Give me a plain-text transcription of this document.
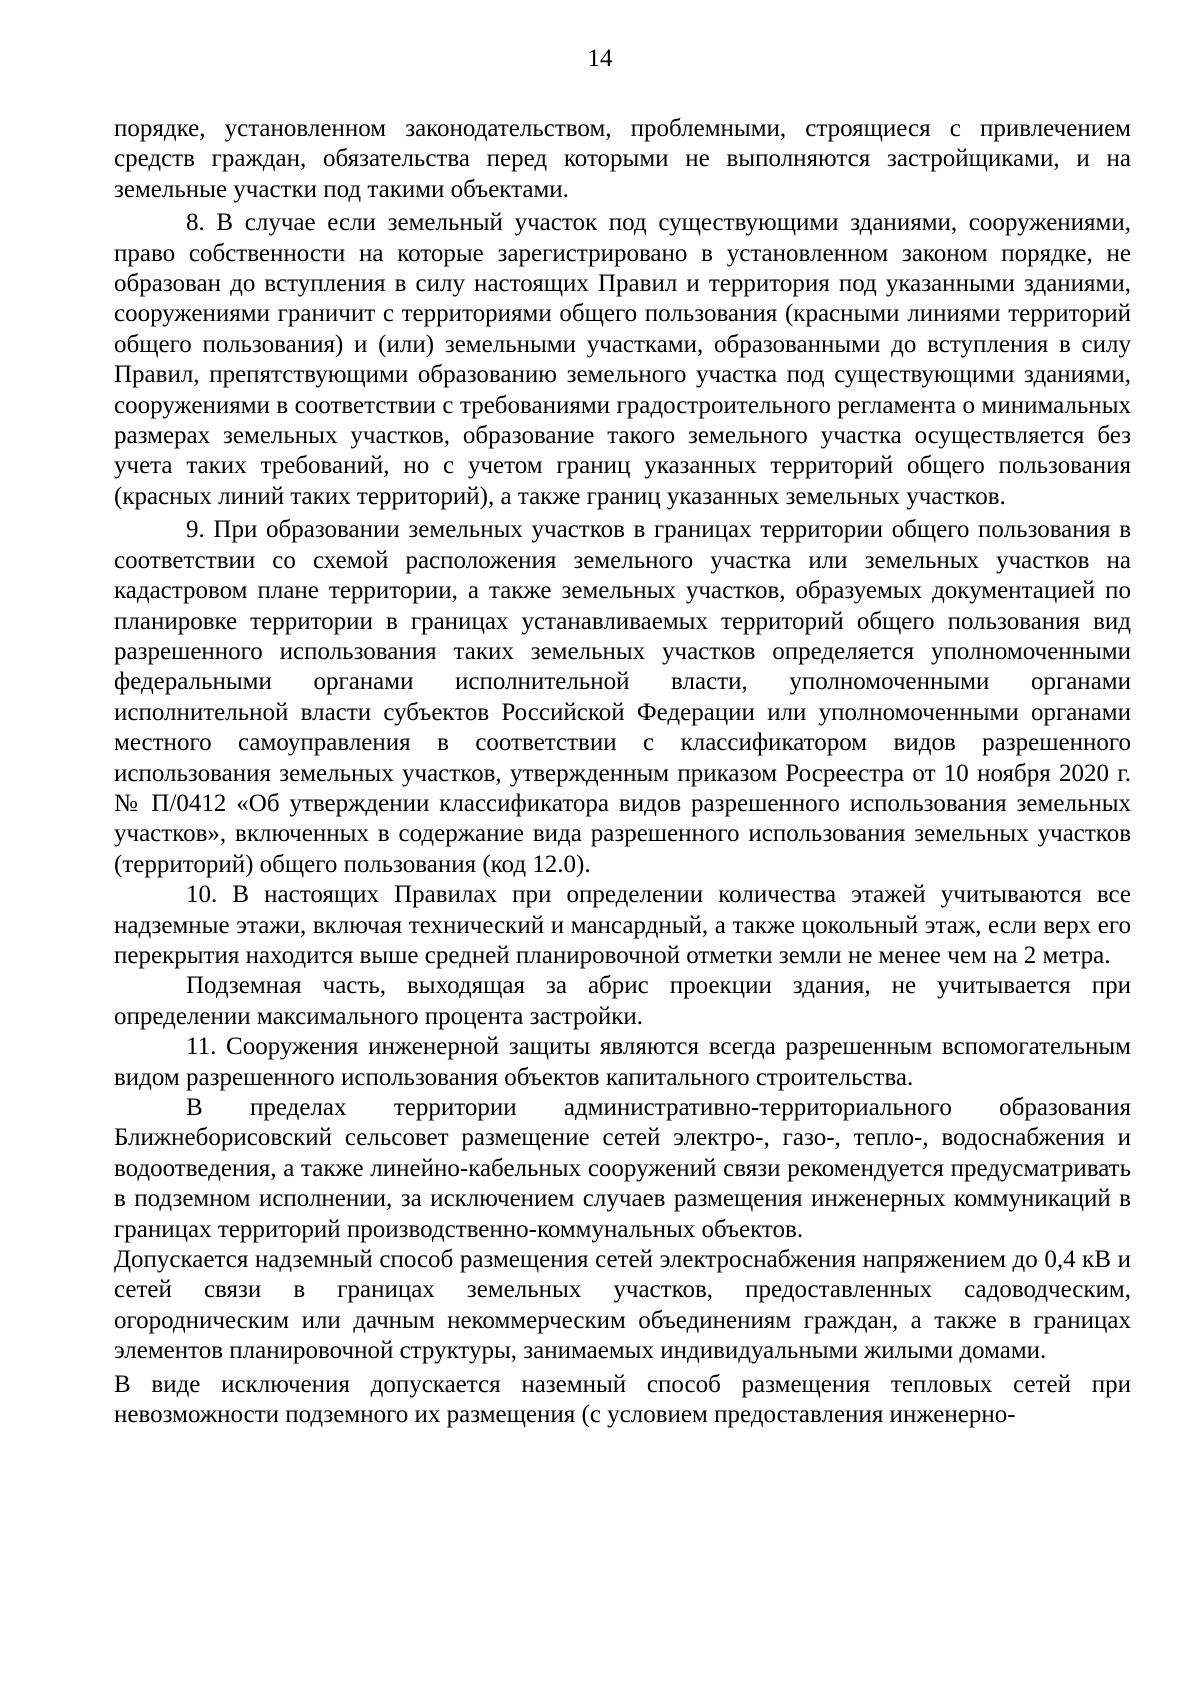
14

порядке, установленном законодательством, проблемными, строящиеся с привлечением средств граждан, обязательства перед которыми не выполняются застройщиками, и на земельные участки под такими объектами.

8. В случае если земельный участок под существующими зданиями, сооружениями, право собственности на которые зарегистрировано в установленном законом порядке, не образован до вступления в силу настоящих Правил и территория под указанными зданиями, сооружениями граничит с территориями общего пользования (красными линиями территорий общего пользования) и (или) земельными участками, образованными до вступления в силу Правил, препятствующими образованию земельного участка под существующими зданиями, сооружениями в соответствии с требованиями градостроительного регламента о минимальных размерах земельных участков, образование такого земельного участка осуществляется без учета таких требований, но с учетом границ указанных территорий общего пользования (красных линий таких территорий), а также границ указанных земельных участков.

9. При образовании земельных участков в границах территории общего пользования в соответствии со схемой расположения земельного участка или земельных участков на кадастровом плане территории, а также земельных участков, образуемых документацией по планировке территории в границах устанавливаемых территорий общего пользования вид разрешенного использования таких земельных участков определяется уполномоченными федеральными органами исполнительной власти, уполномоченными органами исполнительной власти субъектов Российской Федерации или уполномоченными органами местного самоуправления в соответствии с классификатором видов разрешенного использования земельных участков, утвержденным приказом Росреестра от 10 ноября 2020 г. № П/0412 «Об утверждении классификатора видов разрешенного использования земельных участков», включенных в содержание вида разрешенного использования земельных участков (территорий) общего пользования (код 12.0).

10. В настоящих Правилах при определении количества этажей учитываются все надземные этажи, включая технический и мансардный, а также цокольный этаж, если верх его перекрытия находится выше средней планировочной отметки земли не менее чем на 2 метра.

Подземная часть, выходящая за абрис проекции здания, не учитывается при определении максимального процента застройки.

11. Сооружения инженерной защиты являются всегда разрешенным вспомогательным видом разрешенного использования объектов капитального строительства.

В пределах территории административно-территориального образования Ближнеборисовский сельсовет размещение сетей электро-, газо-, тепло-, водоснабжения и водоотведения, а также линейно-кабельных сооружений связи рекомендуется предусматривать в подземном исполнении, за исключением случаев размещения инженерных коммуникаций в границах территорий производственно-коммунальных объектов.

Допускается надземный способ размещения сетей электроснабжения напряжением до 0,4 кВ и сетей связи в границах земельных участков, предоставленных садоводческим, огородническим или дачным некоммерческим объединениям граждан, а также в границах элементов планировочной структуры, занимаемых индивидуальными жилыми домами.

В виде исключения допускается наземный способ размещения тепловых сетей при невозможности подземного их размещения (с условием предоставления инженерно-
